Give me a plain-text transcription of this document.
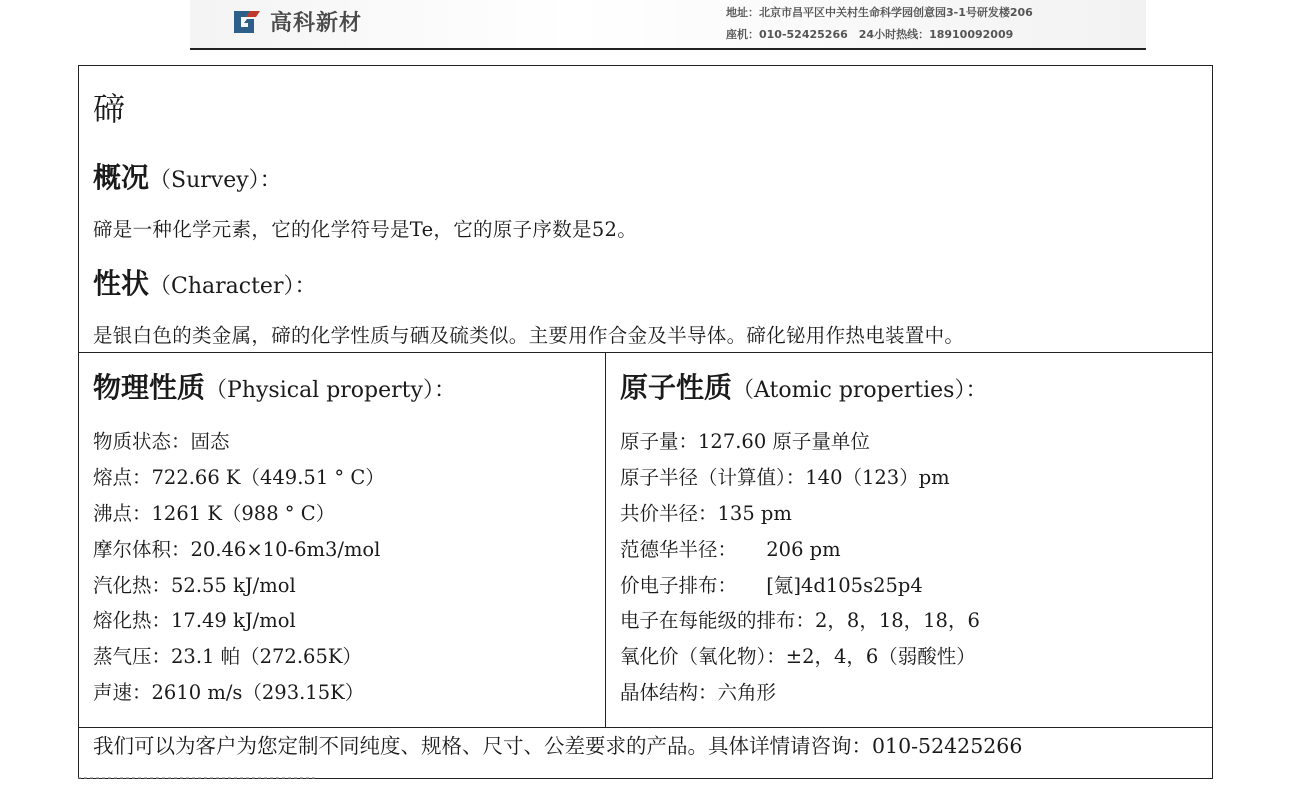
高科新材	地址：北京市昌平区中关村生命科学园创意园3-1号研发楼206
座机：010-52425266　24小时热线：18910092009
碲
概况（Survey）：
碲是一种化学元素，它的化学符号是Te，它的原子序数是52。
性状（Character）：
是银白色的类金属，碲的化学性质与硒及硫类似。主要用作合金及半导体。碲化铋用作热电装置中。
物理性质（Physical property）：
物质状态：固态
熔点：722.66 K（449.51 ° C）
沸点：1261 K（988 ° C）
摩尔体积：20.46×10-6m3/mol
汽化热：52.55 kJ/mol
熔化热：17.49 kJ/mol
蒸气压：23.1 帕（272.65K）
声速：2610 m/s（293.15K）
原子性质（Atomic properties）：
原子量：127.60 原子量单位
原子半径（计算值）：140（123）pm
共价半径：135 pm
范德华半径：　　206 pm
价电子排布：　　[氪]4d105s25p4
电子在每能级的排布：2，8，18，18，6
氧化价（氧化物）：±2，4，6（弱酸性）
晶体结构：六角形
我们可以为客户为您定制不同纯度、规格、尺寸、公差要求的产品。具体详情请咨询：010-52425266
